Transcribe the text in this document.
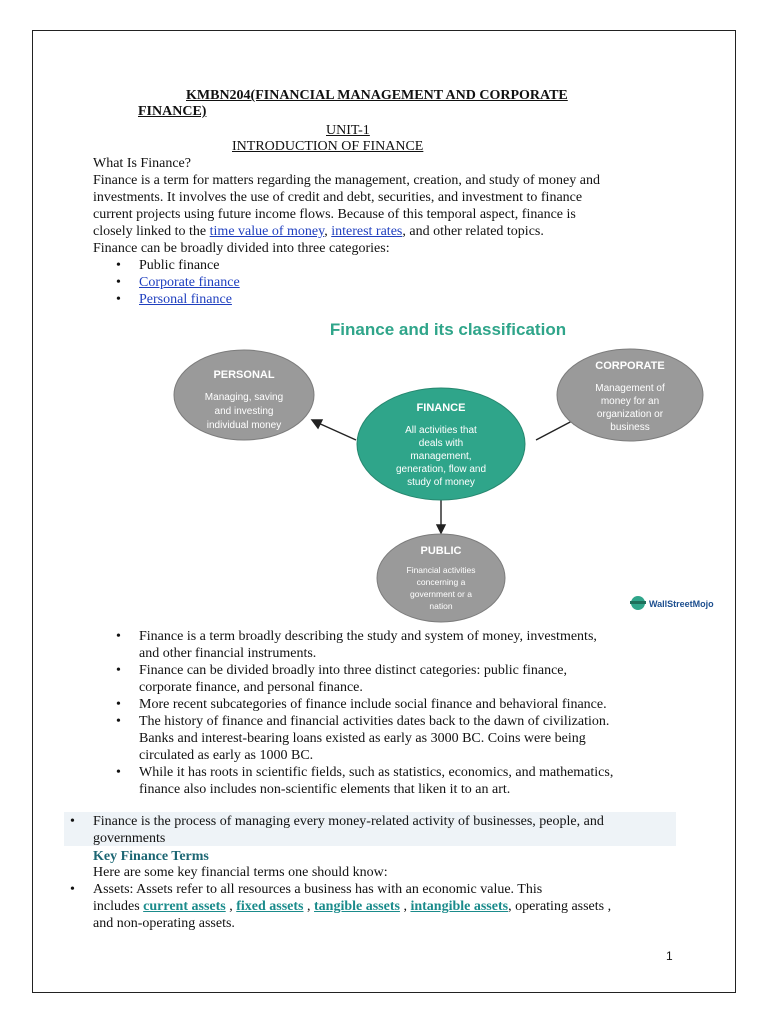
KMBN204(FINANCIAL MANAGEMENT AND CORPORATE
FINANCE)
UNIT-1
INTRODUCTION OF FINANCE
What Is Finance?
Finance is a term for matters regarding the management, creation, and study of money and
investments. It involves the use of credit and debt, securities, and investment to finance
current projects using future income flows. Because of this temporal aspect, finance is
closely linked to the time value of money, interest rates, and other related topics.
Finance can be broadly divided into three categories:
• Public finance
• Corporate finance
• Personal finance
Finance and its classification
PERSONAL
Managing, saving
and investing
individual money
CORPORATE
Management of
money for an
organization or
business
FINANCE
All activities that
deals with
management,
generation, flow and
study of money
PUBLIC
Financial activities
concerning a
government or a
nation	WallStreetMojo
• Finance is a term broadly describing the study and system of money, investments,
and other financial instruments.
• Finance can be divided broadly into three distinct categories: public finance,
corporate finance, and personal finance.
• More recent subcategories of finance include social finance and behavioral finance.
• The history of finance and financial activities dates back to the dawn of civilization.
Banks and interest-bearing loans existed as early as 3000 BC. Coins were being
circulated as early as 1000 BC.
• While it has roots in scientific fields, such as statistics, economics, and mathematics,
finance also includes non-scientific elements that liken it to an art.
• Finance is the process of managing every money-related activity of businesses, people, and
governments
Key Finance Terms
Here are some key financial terms one should know:
• Assets: Assets refer to all resources a business has with an economic value. This
includes current assets , fixed assets , tangible assets , intangible assets, operating assets ,
and non-operating assets.
1
